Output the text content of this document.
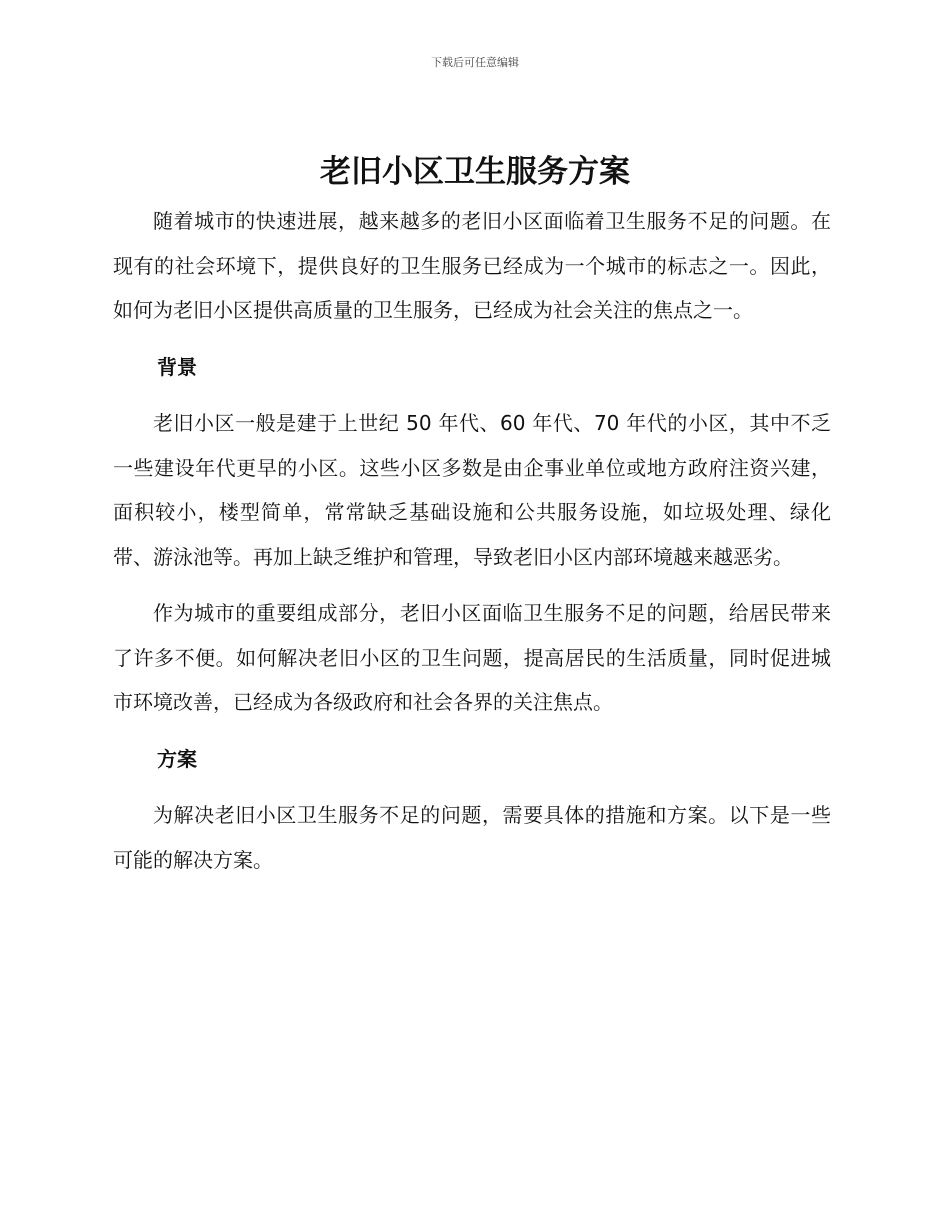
下载后可任意编辑
老旧小区卫生服务方案

随着城市的快速进展，越来越多的老旧小区面临着卫生服务不足的问题。在现有的社会环境下，提供良好的卫生服务已经成为一个城市的标志之一。因此，如何为老旧小区提供高质量的卫生服务，已经成为社会关注的焦点之一。

背景

老旧小区一般是建于上世纪 50 年代、60 年代、70 年代的小区，其中不乏一些建设年代更早的小区。这些小区多数是由企事业单位或地方政府注资兴建，面积较小，楼型简单，常常缺乏基础设施和公共服务设施，如垃圾处理、绿化带、游泳池等。再加上缺乏维护和管理，导致老旧小区内部环境越来越恶劣。

作为城市的重要组成部分，老旧小区面临卫生服务不足的问题，给居民带来了许多不便。如何解决老旧小区的卫生问题，提高居民的生活质量，同时促进城市环境改善，已经成为各级政府和社会各界的关注焦点。

方案

为解决老旧小区卫生服务不足的问题，需要具体的措施和方案。以下是一些可能的解决方案。
